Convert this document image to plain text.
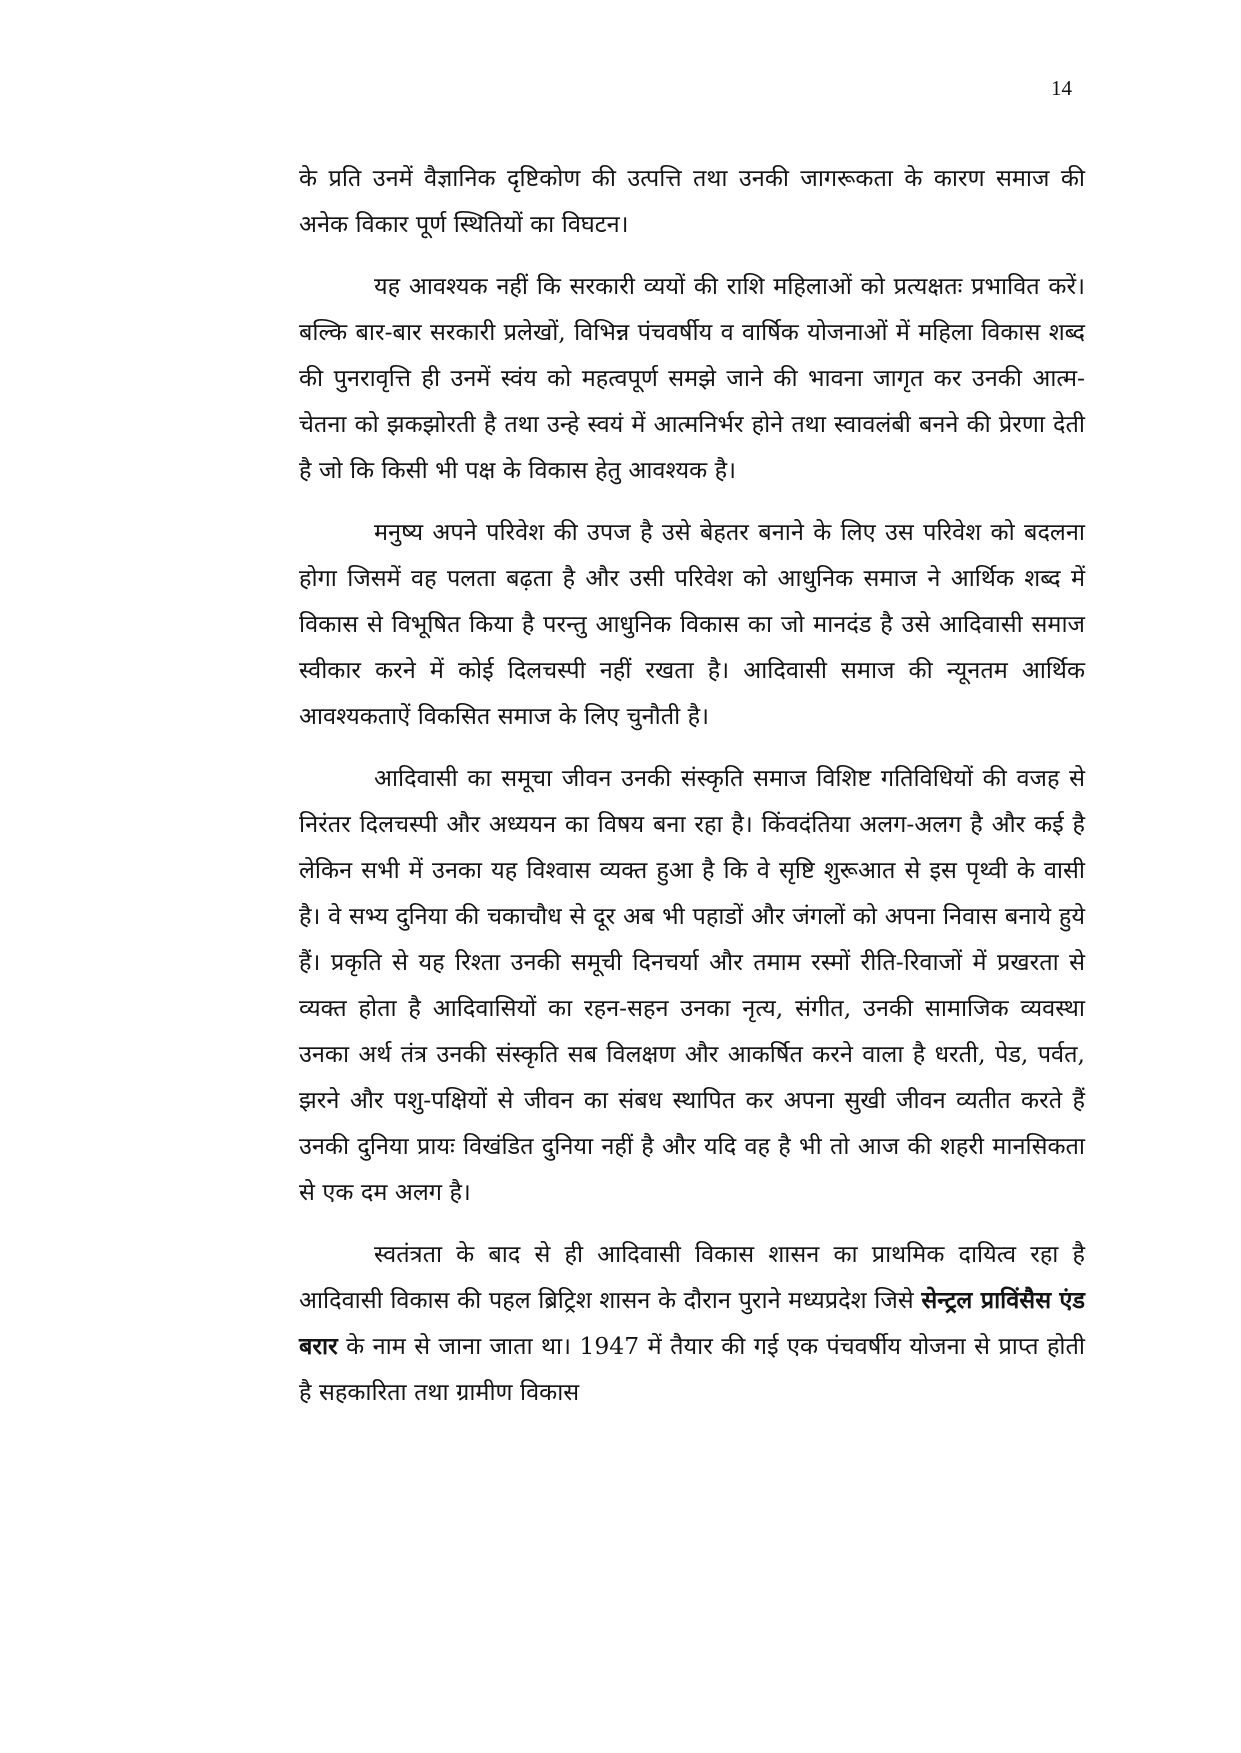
14

के प्रति उनमें वैज्ञानिक दृष्टिकोण की उत्पत्ति तथा उनकी जागरूकता के कारण समाज की अनेक विकार पूर्ण स्थितियों का विघटन।

यह आवश्यक नहीं कि सरकारी व्ययों की राशि महिलाओं को प्रत्यक्षतः प्रभावित करें। बल्कि बार-बार सरकारी प्रलेखों, विभिन्न पंचवर्षीय व वार्षिक योजनाओं में महिला विकास शब्द की पुनरावृत्ति ही उनमें स्वंय को महत्वपूर्ण समझे जाने की भावना जागृत कर उनकी आत्म-चेतना को झकझोरती है तथा उन्हे स्वयं में आत्मनिर्भर होने तथा स्वावलंबी बनने की प्रेरणा देती है जो कि किसी भी पक्ष के विकास हेतु आवश्यक है।

मनुष्य अपने परिवेश की उपज है उसे बेहतर बनाने के लिए उस परिवेश को बदलना होगा जिसमें वह पलता बढ़ता है और उसी परिवेश को आधुनिक समाज ने आर्थिक शब्द में विकास से विभूषित किया है परन्तु आधुनिक विकास का जो मानदंड है उसे आदिवासी समाज स्वीकार करने में कोई दिलचस्पी नहीं रखता है। आदिवासी समाज की न्यूनतम आर्थिक आवश्यकताऐं विकसित समाज के लिए चुनौती है।

आदिवासी का समूचा जीवन उनकी संस्कृति समाज विशिष्ट गतिविधियों की वजह से निरंतर दिलचस्पी और अध्ययन का विषय बना रहा है। किंवदंतिया अलग-अलग है और कई है लेकिन सभी में उनका यह विश्वास व्यक्त हुआ है कि वे सृष्टि शुरूआत से इस पृथ्वी के वासी है। वे सभ्य दुनिया की चकाचौध से दूर अब भी पहाडों और जंगलों को अपना निवास बनाये हुये हैं। प्रकृति से यह रिश्ता उनकी समूची दिनचर्या और तमाम रस्मों रीति-रिवाजों में प्रखरता से व्यक्त होता है आदिवासियों का रहन-सहन उनका नृत्य, संगीत, उनकी सामाजिक व्यवस्था उनका अर्थ तंत्र उनकी संस्कृति सब विलक्षण और आकर्षित करने वाला है धरती, पेड, पर्वत, झरने और पशु-पक्षियों से जीवन का संबध स्थापित कर अपना सुखी जीवन व्यतीत करते हैं उनकी दुनिया प्रायः विखंडित दुनिया नहीं है और यदि वह है भी तो आज की शहरी मानसिकता से एक दम अलग है।

स्वतंत्रता के बाद से ही आदिवासी विकास शासन का प्राथमिक दायित्व रहा है आदिवासी विकास की पहल ब्रिट्रिश शासन के दौरान पुराने मध्यप्रदेश जिसे सेन्ट्रल प्राविंसैस एंड बरार के नाम से जाना जाता था। 1947 में तैयार की गई एक पंचवर्षीय योजना से प्राप्त होती है सहकारिता तथा ग्रामीण विकास
